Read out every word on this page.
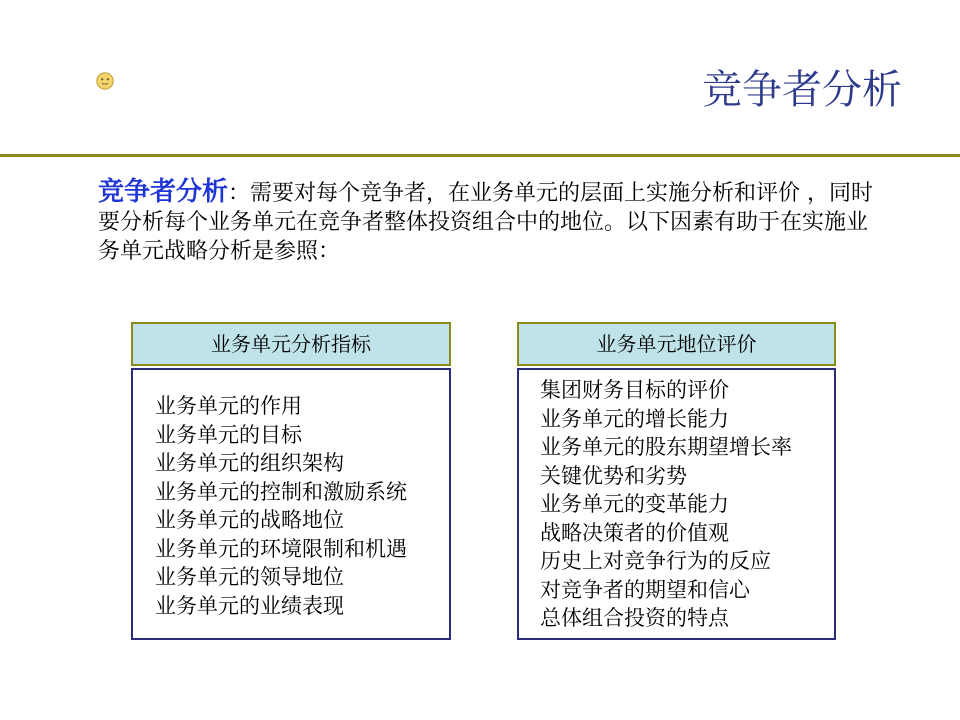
竞争者分析
竞争者分析：需要对每个竞争者，在业务单元的层面上实施分析和评价 ，同时要分析每个业务单元在竞争者整体投资组合中的地位。以下因素有助于在实施业务单元战略分析是参照：
业务单元分析指标
业务单元的作用
业务单元的目标
业务单元的组织架构
业务单元的控制和激励系统
业务单元的战略地位
业务单元的环境限制和机遇
业务单元的领导地位
业务单元的业绩表现
业务单元地位评价
集团财务目标的评价
业务单元的增长能力
业务单元的股东期望增长率
关键优势和劣势
业务单元的变革能力
战略决策者的价值观
历史上对竞争行为的反应
对竞争者的期望和信心
总体组合投资的特点
